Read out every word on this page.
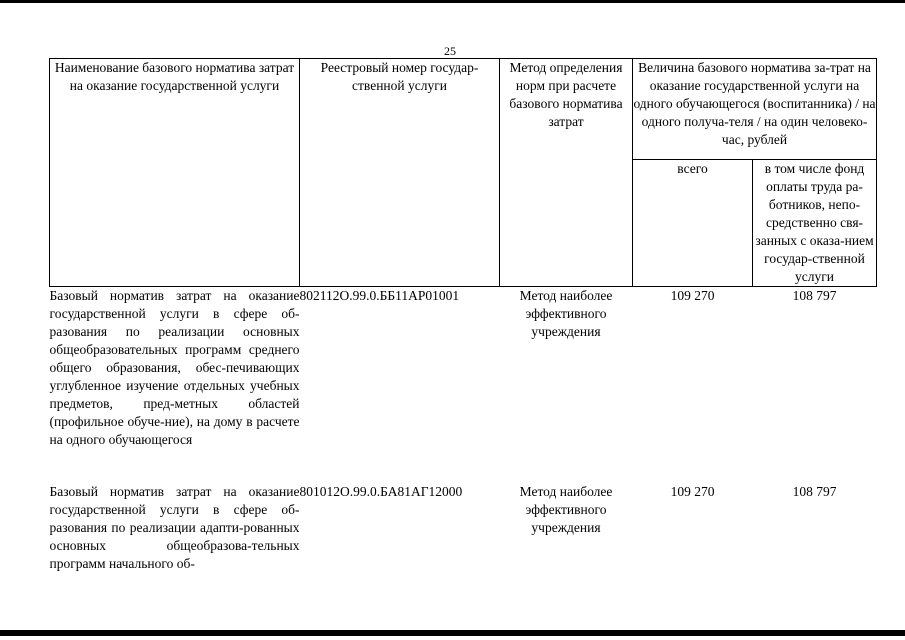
25
Наименование базового норматива затрат на оказание государственной услуги	Реестровый номер государ-ственной услуги	Метод определения норм при расчете базового норматива затрат	Величина базового норматива за-трат на оказание государственной услуги на одного обучающегося (воспитанника) / на одного получа-теля / на один человеко-час, рублей	
			всего	в том числе фонд оплаты труда ра-ботников, непо-средственно свя-занных с оказа-нием государ-ственной услуги
Базовый норматив затрат на оказание государственной услуги в сфере об-разования по реализации основных общеобразовательных программ среднего общего образования, обес-печивающих углубленное изучение отдельных учебных предметов, пред-метных областей (профильное обуче-ние), на дому в расчете на одного обучающегося	802112О.99.0.ББ11АР01001	Метод наиболее эффективного учреждения	109 270	108 797

Базовый норматив затрат на оказание государственной услуги в сфере об-разования по реализации адапти-рованных основных общеобразова-тельных программ начального об-	801012О.99.0.БА81АГ12000	Метод наиболее эффективного учреждения	109 270	108 797
